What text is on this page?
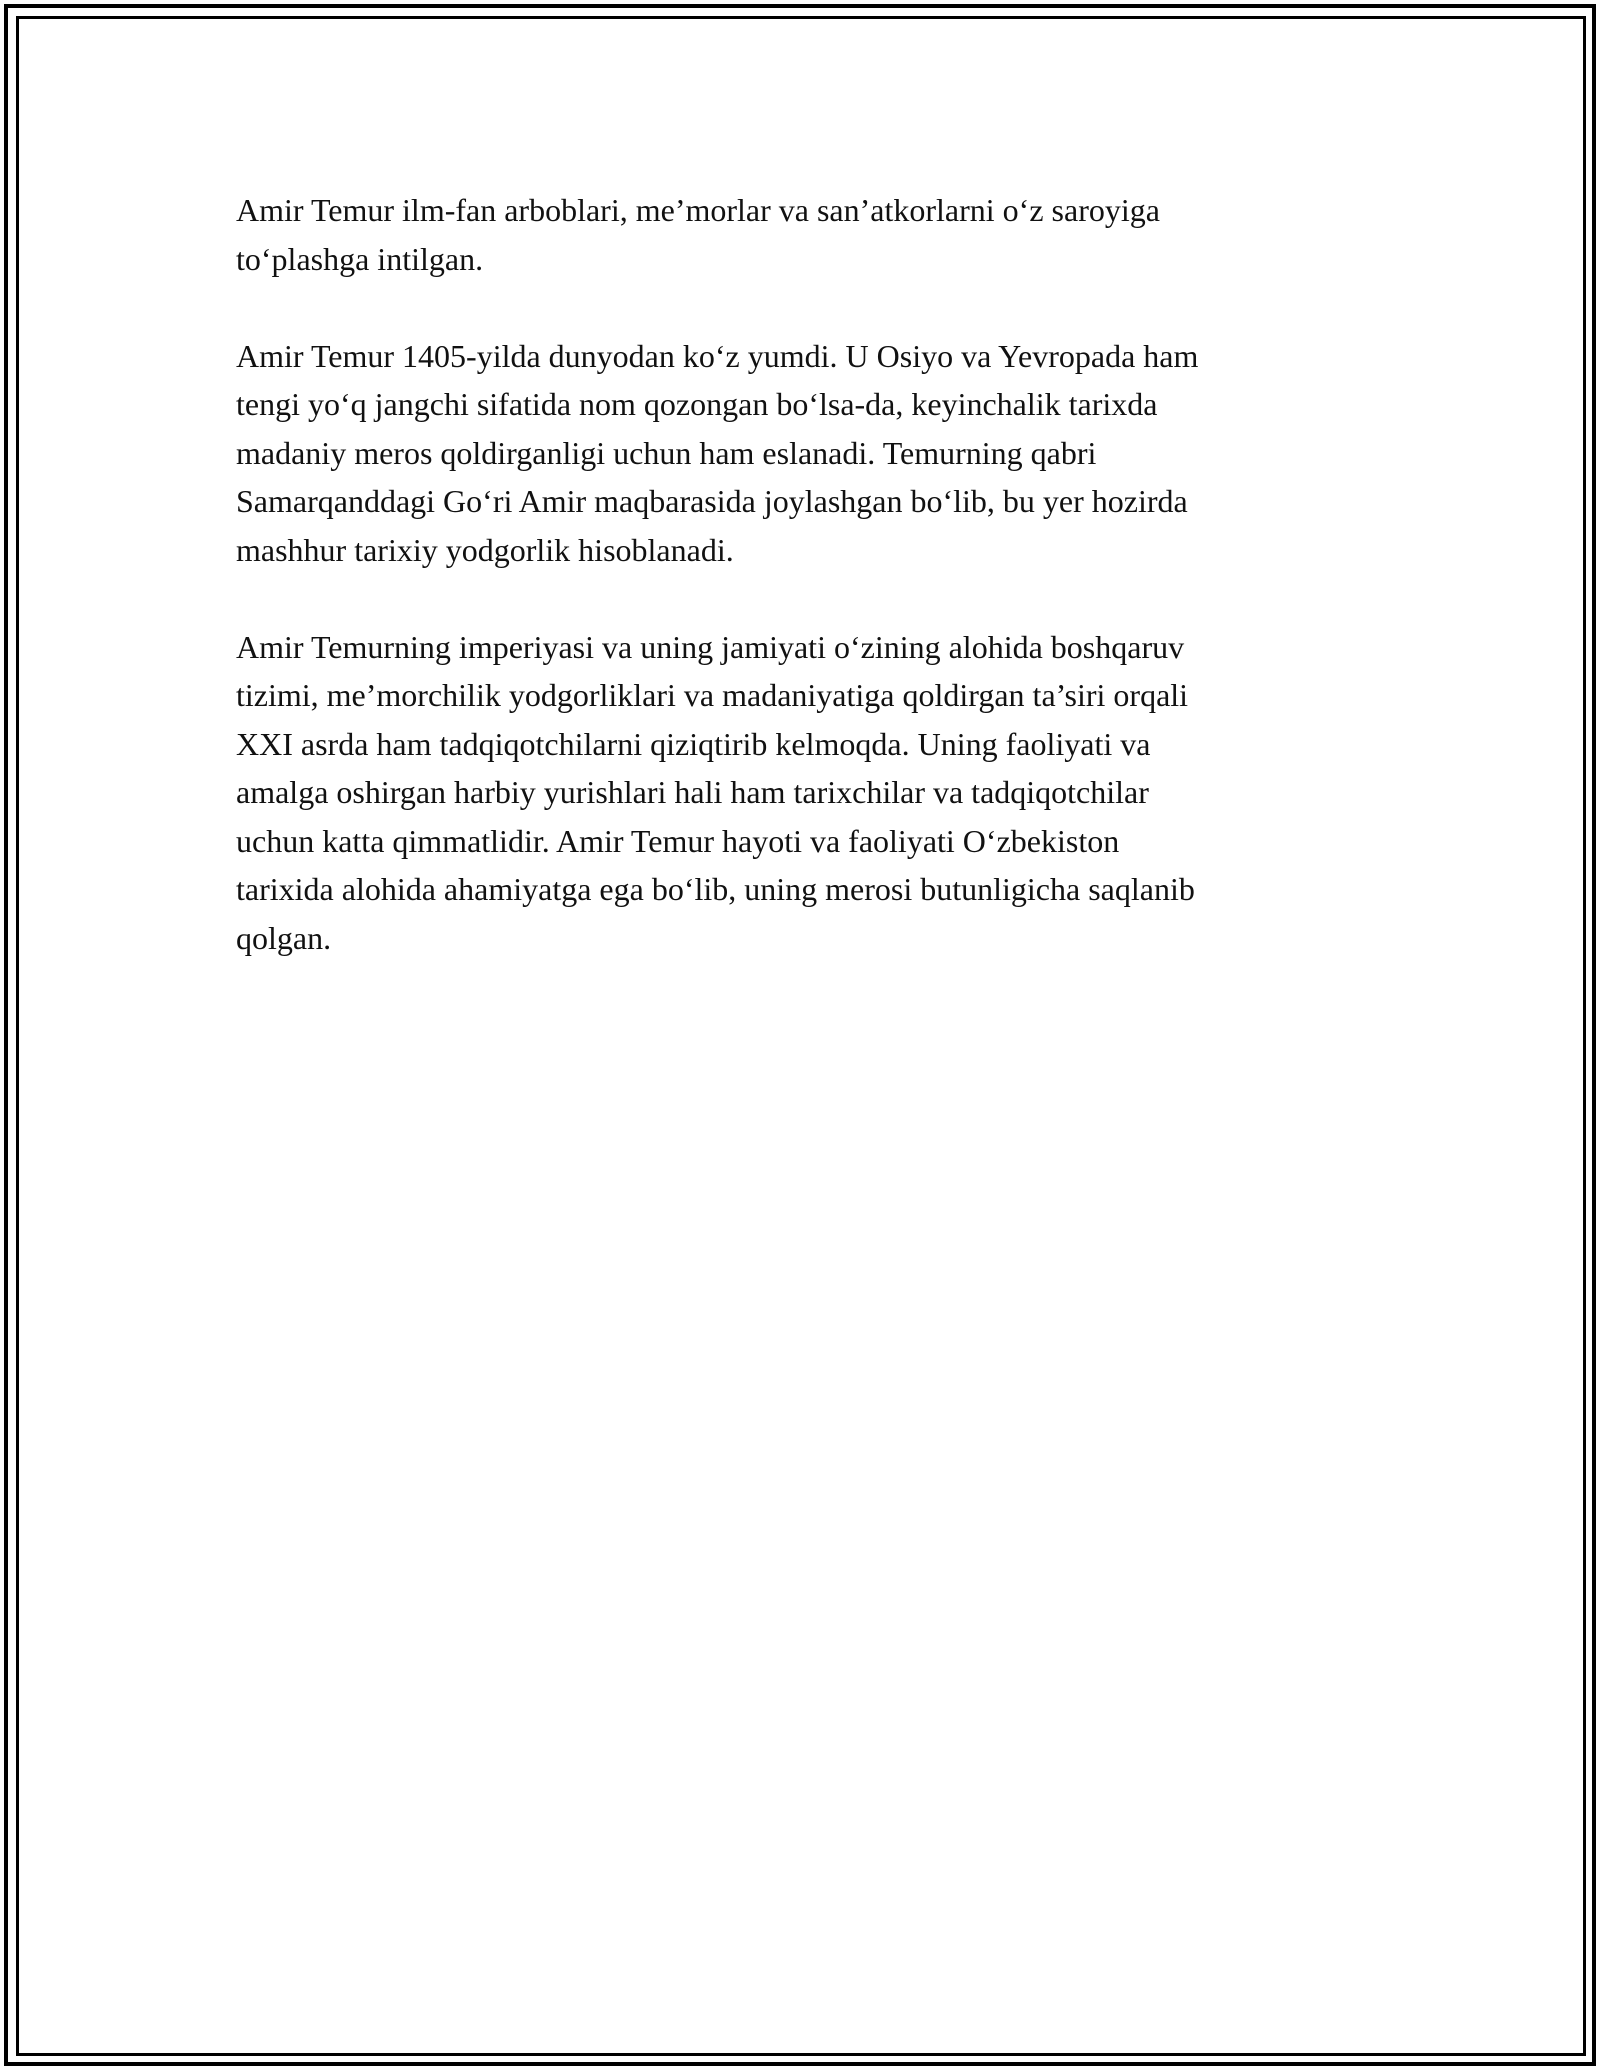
Amir Temur ilm-fan arboblari, me’morlar va san’atkorlarni o‘z saroyiga
to‘plashga intilgan.

Amir Temur 1405-yilda dunyodan ko‘z yumdi. U Osiyo va Yevropada ham
tengi yo‘q jangchi sifatida nom qozongan bo‘lsa-da, keyinchalik tarixda
madaniy meros qoldirganligi uchun ham eslanadi. Temurning qabri
Samarqanddagi Go‘ri Amir maqbarasida joylashgan bo‘lib, bu yer hozirda
mashhur tarixiy yodgorlik hisoblanadi.

Amir Temurning imperiyasi va uning jamiyati o‘zining alohida boshqaruv
tizimi, me’morchilik yodgorliklari va madaniyatiga qoldirgan ta’siri orqali
XXI asrda ham tadqiqotchilarni qiziqtirib kelmoqda. Uning faoliyati va
amalga oshirgan harbiy yurishlari hali ham tarixchilar va tadqiqotchilar
uchun katta qimmatlidir. Amir Temur hayoti va faoliyati O‘zbekiston
tarixida alohida ahamiyatga ega bo‘lib, uning merosi butunligicha saqlanib
qolgan.
